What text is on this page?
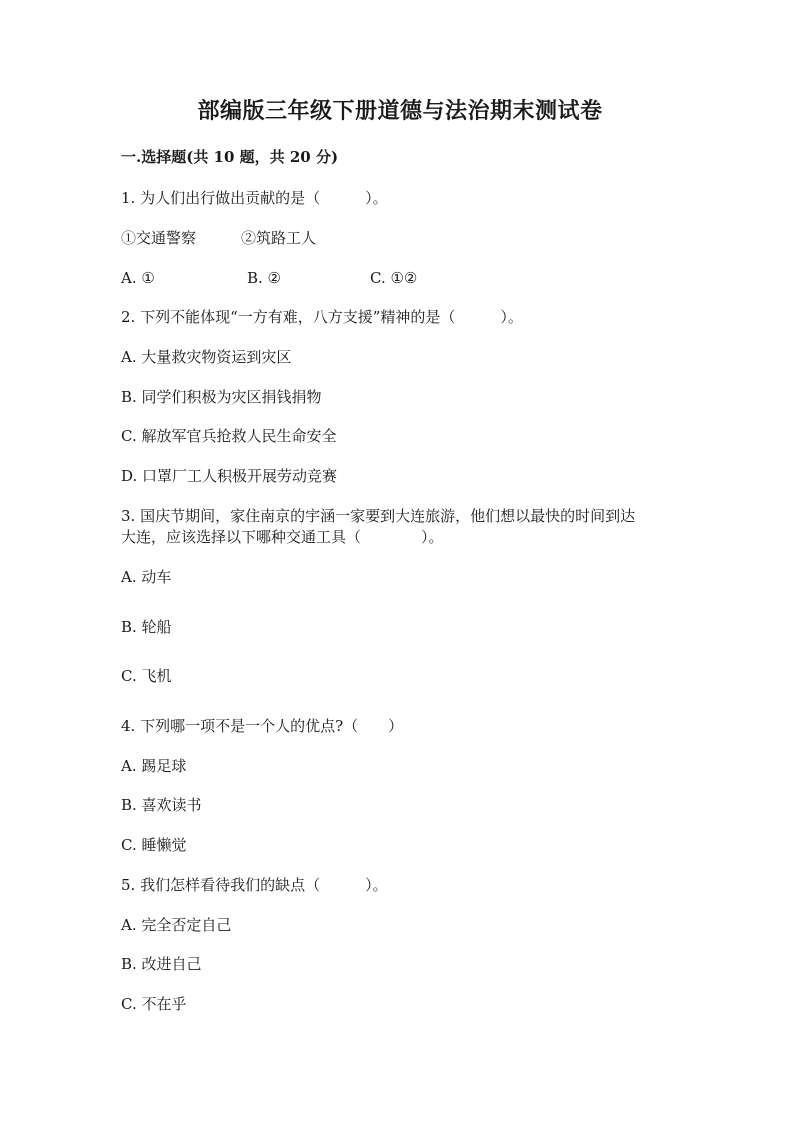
部编版三年级下册道德与法治期末测试卷
一.选择题(共 10 题，共 20 分)
1. 为人们出行做出贡献的是（　　　）。
①交通警察　　　②筑路工人
A. ①	B. ②	C. ①②
2. 下列不能体现“一方有难，八方支援”精神的是（　　　）。
A. 大量救灾物资运到灾区
B. 同学们积极为灾区捐钱捐物
C. 解放军官兵抢救人民生命安全
D. 口罩厂工人积极开展劳动竞赛
3. 国庆节期间，家住南京的宇涵一家要到大连旅游，他们想以最快的时间到达
大连，应该选择以下哪种交通工具（　　　　）。
A. 动车
B. 轮船
C. 飞机
4. 下列哪一项不是一个人的优点?（　　）
A. 踢足球
B. 喜欢读书
C. 睡懒觉
5. 我们怎样看待我们的缺点（　　　）。
A. 完全否定自己
B. 改进自己
C. 不在乎
